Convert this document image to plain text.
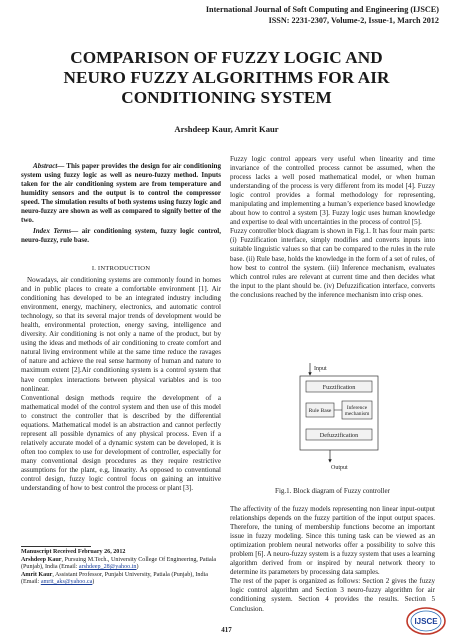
International Journal of Soft Computing and Engineering (IJSCE)
ISSN: 2231-2307, Volume-2, Issue-1, March 2012
COMPARISON OF FUZZY LOGIC AND
NEURO FUZZY ALGORITHMS FOR AIR
CONDITIONING SYSTEM
Arshdeep Kaur, Amrit Kaur

Abstract— This paper provides the design for air conditioning system using fuzzy logic as well as neuro-fuzzy method. Inputs taken for the air conditioning system are from temperature and humidity sensors and the output is to control the compressor speed. The simulation results of both systems using fuzzy logic and neuro-fuzzy are shown as well as compared to signify better of the two.

Index Terms— air conditioning system, fuzzy logic control, neuro-fuzzy, rule base.

I. INTRODUCTION

Nowadays, air conditioning systems are commonly found in homes and in public places to create a comfortable environment [1]. Air conditioning has developed to be an integrated industry including environment, energy, machinery, electronics, and automatic control technology, so that its several major trends of development would be health, environmental protection, energy saving, intelligence and diversity. Air conditioning is not only a name of the product, but by using the ideas and methods of air conditioning to create comfort and natural living environment while at the same time reduce the ravages of nature and achieve the real sense harmony of human and nature to maximum extent [2].Air conditioning system is a control system that have complex interactions between physical variables and is too nonlinear.

Conventional design methods require the development of a mathematical model of the control system and then use of this model to construct the controller that is described by the differential equations. Mathematical model is an abstraction and cannot perfectly represent all possible dynamics of any physical process. Even if a relatively accurate model of a dynamic system can be developed, it is often too complex to use for development of controller, especially for many conventional design procedures as they require restrictive assumptions for the plant, e.g, linearity. As opposed to conventional control design, fuzzy logic control focus on gaining an intuitive understanding of how to best control the process or plant [3].

Manuscript Received February 26, 2012
Arshdeep Kaur, Pursuing M.Tech., University College Of Engineering, Patiala (Punjab), India (Email: arshdeep_28@yahoo.in)
Amrit Kaur, Assistant Professor, Punjabi University, Patiala (Punjab), India (Email: amrit_aks@yahoo.ca)

Fuzzy logic control appears very useful when linearity and time invariance of the controlled process cannot be assumed, when the process lacks a well posed mathematical model, or when human understanding of the process is very different from its model [4]. Fuzzy logic control provides a formal methodology for representing, manipulating and implementing a human’s experience based knowledge about how to control a system [3]. Fuzzy logic uses human knowledge and expertise to deal with uncertainties in the process of control [5].

Fuzzy controller block diagram is shown in Fig.1. It has four main parts: (i) Fuzzification interface, simply modifies and converts inputs into suitable linguistic values so that can be compared to the rules in the rule base. (ii) Rule base, holds the knowledge in the form of a set of rules, of how best to control the system. (iii) Inference mechanism, evaluates which control rules are relevant at current time and then decides what the input to the plant should be. (iv) Defuzzification interface, converts the conclusions reached by the inference mechanism into crisp ones.

Input
Fuzzification
Rule Base	Inference
mechanism
Defuzzification
Output
Fig.1. Block diagram of Fuzzy controller

The affectivity of the fuzzy models representing non linear input-output relationships depends on the fuzzy partition of the input output spaces. Therefore, the tuning of membership functions become an important issue in fuzzy modeling. Since this tuning task can be viewed as an optimization problem neural networks offer a possibility to solve this problem [6]. A neuro-fuzzy system is a fuzzy system that uses a learning algorithm derived from or inspired by neural network theory to determine its parameters by processing data samples.

The rest of the paper is organized as follows: Section 2 gives the fuzzy logic control algorithm and Section 3 neuro-fuzzy algorithm for air conditioning system. Section 4 provides the results. Section 5 Conclusion.

417
IJSCE
